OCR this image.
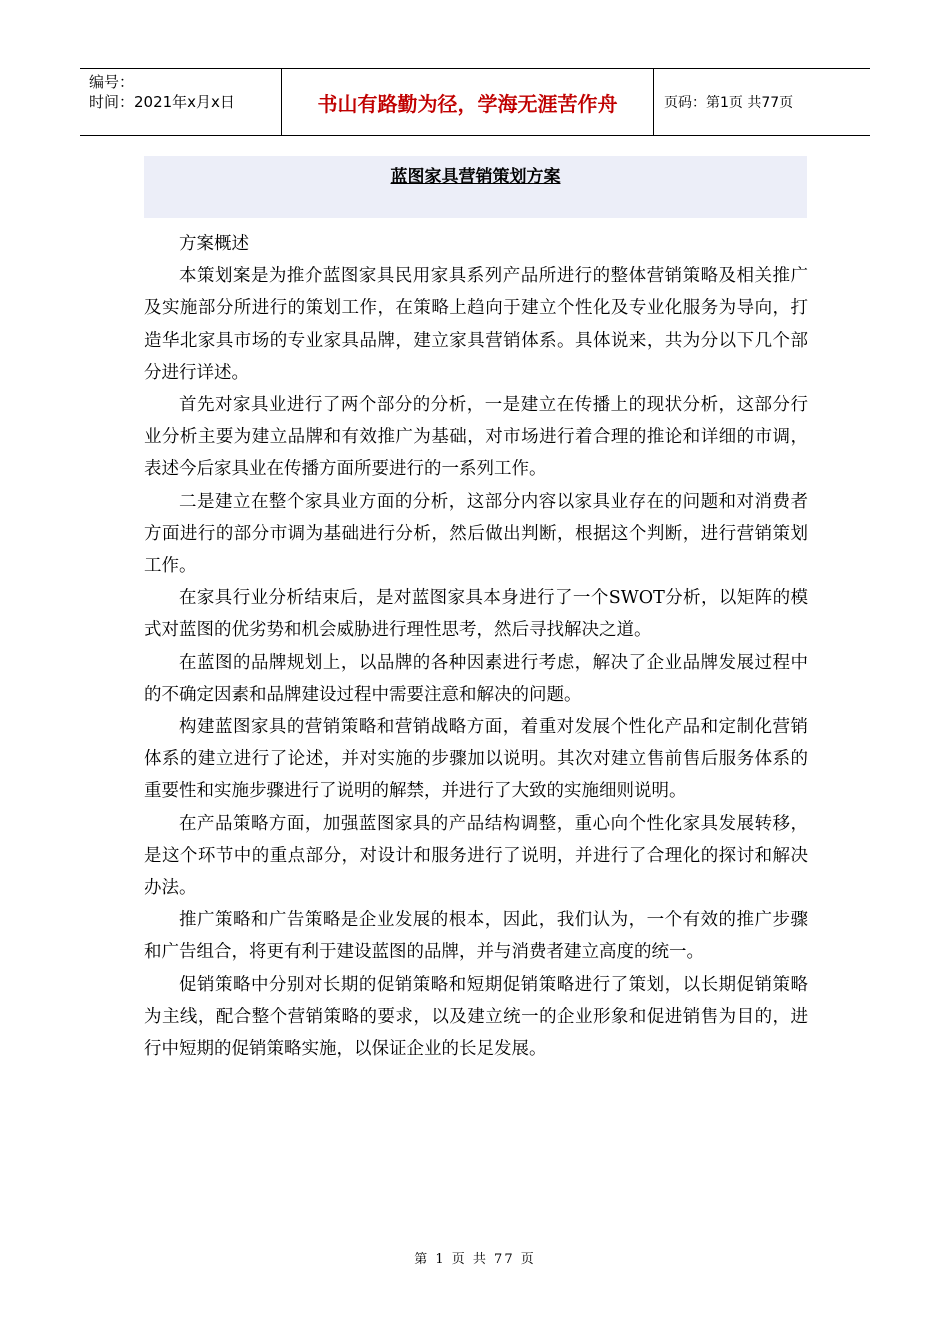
编号：
时间：2021年x月x日	书山有路勤为径，学海无涯苦作舟	页码：第1页 共77页
蓝图家具营销策划方案

方案概述

本策划案是为推介蓝图家具民用家具系列产品所进行的整体营销策略及相关推广及实施部分所进行的策划工作，在策略上趋向于建立个性化及专业化服务为导向，打造华北家具市场的专业家具品牌，建立家具营销体系。具体说来，共为分以下几个部分进行详述。

首先对家具业进行了两个部分的分析，一是建立在传播上的现状分析，这部分行业分析主要为建立品牌和有效推广为基础，对市场进行着合理的推论和详细的市调，表述今后家具业在传播方面所要进行的一系列工作。

二是建立在整个家具业方面的分析，这部分内容以家具业存在的问题和对消费者方面进行的部分市调为基础进行分析，然后做出判断，根据这个判断，进行营销策划工作。

在家具行业分析结束后，是对蓝图家具本身进行了一个SWOT分析，以矩阵的模式对蓝图的优劣势和机会威胁进行理性思考，然后寻找解决之道。

在蓝图的品牌规划上，以品牌的各种因素进行考虑，解决了企业品牌发展过程中的不确定因素和品牌建设过程中需要注意和解决的问题。

构建蓝图家具的营销策略和营销战略方面，着重对发展个性化产品和定制化营销体系的建立进行了论述，并对实施的步骤加以说明。其次对建立售前售后服务体系的重要性和实施步骤进行了说明的解禁，并进行了大致的实施细则说明。

在产品策略方面，加强蓝图家具的产品结构调整，重心向个性化家具发展转移，是这个环节中的重点部分，对设计和服务进行了说明，并进行了合理化的探讨和解决办法。

推广策略和广告策略是企业发展的根本，因此，我们认为，一个有效的推广步骤和广告组合，将更有利于建设蓝图的品牌，并与消费者建立高度的统一。

促销策略中分别对长期的促销策略和短期促销策略进行了策划，以长期促销策略为主线，配合整个营销策略的要求，以及建立统一的企业形象和促进销售为目的，进行中短期的促销策略实施，以保证企业的长足发展。

第 1 页 共 77 页
